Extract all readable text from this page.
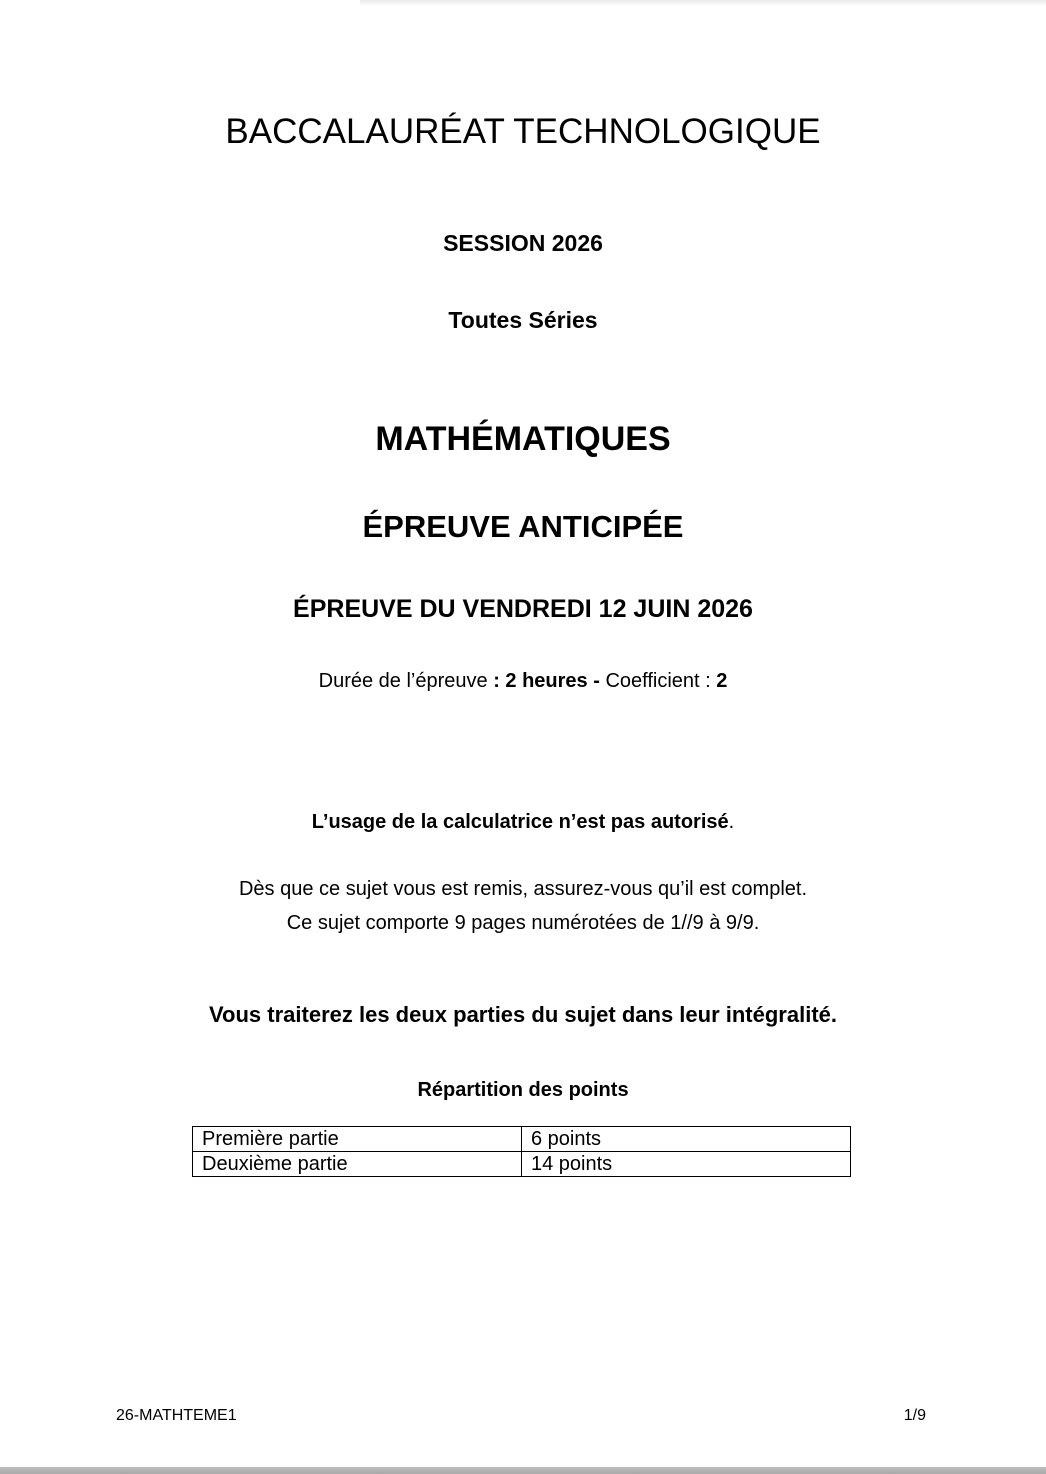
BACCALAURÉAT TECHNOLOGIQUE
SESSION 2026
Toutes Séries
MATHÉMATIQUES
ÉPREUVE ANTICIPÉE
ÉPREUVE DU VENDREDI 12 JUIN 2026
Durée de l’épreuve : 2 heures - Coefficient : 2
L’usage de la calculatrice n’est pas autorisé.
Dès que ce sujet vous est remis, assurez-vous qu’il est complet.
Ce sujet comporte 9 pages numérotées de 1//9 à 9/9.
Vous traiterez les deux parties du sujet dans leur intégralité.
Répartition des points
Première partie	6 points
Deuxième partie	14 points
26-MATHTEME1	1/9
